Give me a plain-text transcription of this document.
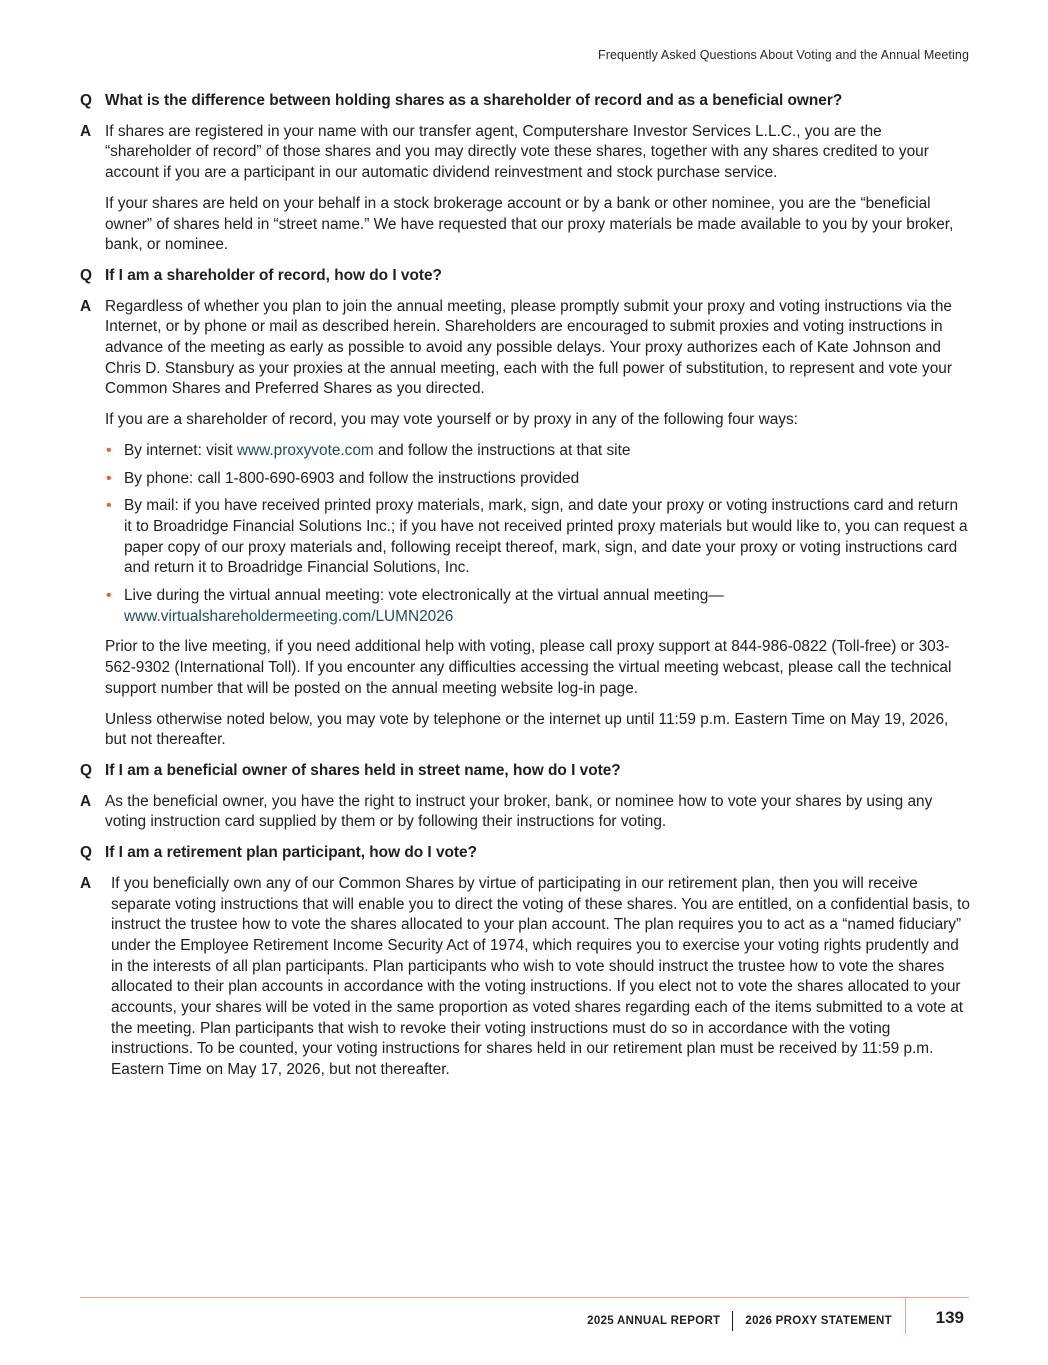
Frequently Asked Questions About Voting and the Annual Meeting
Q What is the difference between holding shares as a shareholder of record and as a beneficial owner?
A If shares are registered in your name with our transfer agent, Computershare Investor Services L.L.C., you are the “shareholder of record” of those shares and you may directly vote these shares, together with any shares credited to your account if you are a participant in our automatic dividend reinvestment and stock purchase service.

If your shares are held on your behalf in a stock brokerage account or by a bank or other nominee, you are the “beneficial owner” of shares held in “street name.” We have requested that our proxy materials be made available to you by your broker, bank, or nominee.

Q If I am a shareholder of record, how do I vote?
A Regardless of whether you plan to join the annual meeting, please promptly submit your proxy and voting instructions via the Internet, or by phone or mail as described herein. Shareholders are encouraged to submit proxies and voting instructions in advance of the meeting as early as possible to avoid any possible delays. Your proxy authorizes each of Kate Johnson and Chris D. Stansbury as your proxies at the annual meeting, each with the full power of substitution, to represent and vote your Common Shares and Preferred Shares as you directed.

If you are a shareholder of record, you may vote yourself or by proxy in any of the following four ways:

• By internet: visit www.proxyvote.com and follow the instructions at that site
• By phone: call 1-800-690-6903 and follow the instructions provided
• By mail: if you have received printed proxy materials, mark, sign, and date your proxy or voting instructions card and return it to Broadridge Financial Solutions Inc.; if you have not received printed proxy materials but would like to, you can request a paper copy of our proxy materials and, following receipt thereof, mark, sign, and date your proxy or voting instructions card and return it to Broadridge Financial Solutions, Inc.
• Live during the virtual annual meeting: vote electronically at the virtual annual meeting—
www.virtualshareholdermeeting.com/LUMN2026

Prior to the live meeting, if you need additional help with voting, please call proxy support at 844-986-0822 (Toll-free) or 303-562-9302 (International Toll). If you encounter any difficulties accessing the virtual meeting webcast, please call the technical support number that will be posted on the annual meeting website log-in page.

Unless otherwise noted below, you may vote by telephone or the internet up until 11:59 p.m. Eastern Time on May 19, 2026, but not thereafter.

Q If I am a beneficial owner of shares held in street name, how do I vote?
A As the beneficial owner, you have the right to instruct your broker, bank, or nominee how to vote your shares by using any voting instruction card supplied by them or by following their instructions for voting.

Q If I am a retirement plan participant, how do I vote?
A	If you beneficially own any of our Common Shares by virtue of participating in our retirement plan, then you will receive separate voting instructions that will enable you to direct the voting of these shares. You are entitled, on a confidential basis, to instruct the trustee how to vote the shares allocated to your plan account. The plan requires you to act as a “named fiduciary” under the Employee Retirement Income Security Act of 1974, which requires you to exercise your voting rights prudently and in the interests of all plan participants. Plan participants who wish to vote should instruct the trustee how to vote the shares allocated to their plan accounts in accordance with the voting instructions. If you elect not to vote the shares allocated to your accounts, your shares will be voted in the same proportion as voted shares regarding each of the items submitted to a vote at the meeting. Plan participants that wish to revoke their voting instructions must do so in accordance with the voting instructions. To be counted, your voting instructions for shares held in our retirement plan must be received by 11:59 p.m. Eastern Time on May 17, 2026, but not thereafter.

2025 ANNUAL REPORT 2026 PROXY STATEMENT	139
